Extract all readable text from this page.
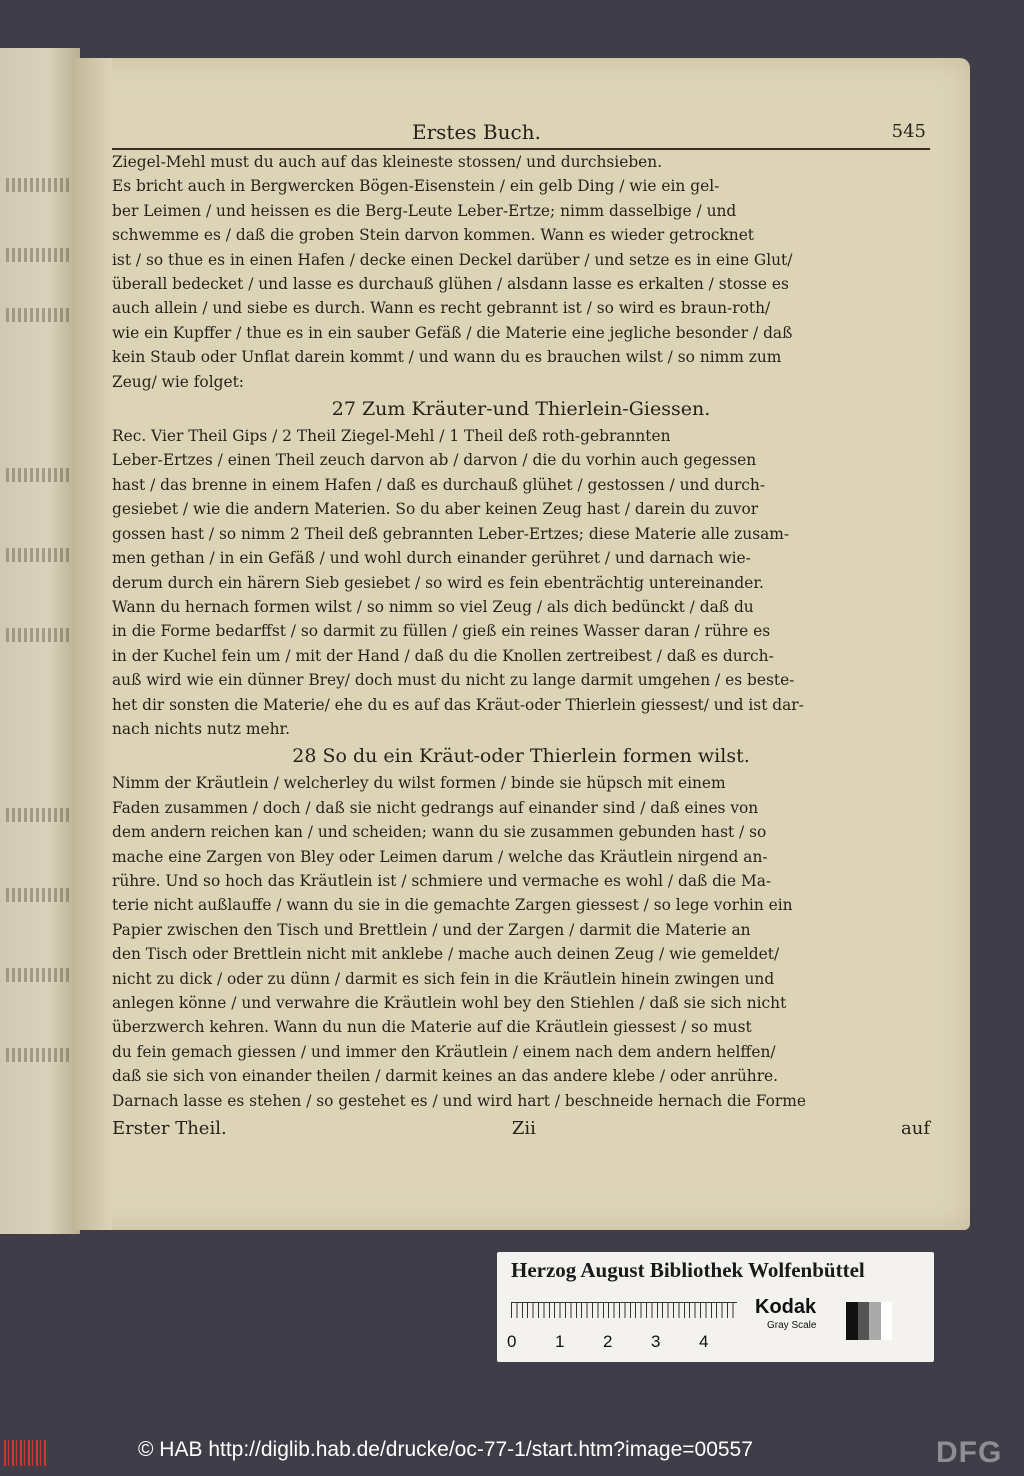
Erstes Buch.	545
Ziegel-Mehl must du auch auf das kleineste stossen/ und durchsieben.
Es bricht auch in Bergwercken Bögen-Eisenstein / ein gelb Ding / wie ein gel-
ber Leimen / und heissen es die Berg-Leute Leber-Ertze; nimm dasselbige / und
schwemme es / daß die groben Stein darvon kommen. Wann es wieder getrocknet
ist / so thue es in einen Hafen / decke einen Deckel darüber / und setze es in eine Glut/
überall bedecket / und lasse es durchauß glühen / alsdann lasse es erkalten / stosse es
auch allein / und siebe es durch. Wann es recht gebrannt ist / so wird es braun-roth/
wie ein Kupffer / thue es in ein sauber Gefäß / die Materie eine jegliche besonder / daß
kein Staub oder Unflat darein kommt / und wann du es brauchen wilst / so nimm zum
Zeug/ wie folget:
27 Zum Kräuter-und Thierlein-Giessen.
Rec. Vier Theil Gips / 2 Theil Ziegel-Mehl / 1 Theil deß roth-gebrannten
Leber-Ertzes / einen Theil zeuch darvon ab / darvon / die du vorhin auch gegessen
hast / das brenne in einem Hafen / daß es durchauß glühet / gestossen / und durch-
gesiebet / wie die andern Materien. So du aber keinen Zeug hast / darein du zuvor
gossen hast / so nimm 2 Theil deß gebrannten Leber-Ertzes; diese Materie alle zusam-
men gethan / in ein Gefäß / und wohl durch einander gerühret / und darnach wie-
derum durch ein härern Sieb gesiebet / so wird es fein ebenträchtig untereinander.
Wann du hernach formen wilst / so nimm so viel Zeug / als dich bedünckt / daß du
in die Forme bedarffst / so darmit zu füllen / gieß ein reines Wasser daran / rühre es
in der Kuchel fein um / mit der Hand / daß du die Knollen zertreibest / daß es durch-
auß wird wie ein dünner Brey/ doch must du nicht zu lange darmit umgehen / es beste-
het dir sonsten die Materie/ ehe du es auf das Kräut-oder Thierlein giessest/ und ist dar-
nach nichts nutz mehr.
28 So du ein Kräut-oder Thierlein formen wilst.
Nimm der Kräutlein / welcherley du wilst formen / binde sie hüpsch mit einem
Faden zusammen / doch / daß sie nicht gedrangs auf einander sind / daß eines von
dem andern reichen kan / und scheiden; wann du sie zusammen gebunden hast / so
mache eine Zargen von Bley oder Leimen darum / welche das Kräutlein nirgend an-
rühre. Und so hoch das Kräutlein ist / schmiere und vermache es wohl / daß die Ma-
terie nicht außlauffe / wann du sie in die gemachte Zargen giessest / so lege vorhin ein
Papier zwischen den Tisch und Brettlein / und der Zargen / darmit die Materie an
den Tisch oder Brettlein nicht mit anklebe / mache auch deinen Zeug / wie gemeldet/
nicht zu dick / oder zu dünn / darmit es sich fein in die Kräutlein hinein zwingen und
anlegen könne / und verwahre die Kräutlein wohl bey den Stiehlen / daß sie sich nicht
überzwerch kehren. Wann du nun die Materie auf die Kräutlein giessest / so must
du fein gemach giessen / und immer den Kräutlein / einem nach dem andern helffen/
daß sie sich von einander theilen / darmit keines an das andere klebe / oder anrühre.
Darnach lasse es stehen / so gestehet es / und wird hart / beschneide hernach die Forme
Erster Theil.	Zii	auf
Herzog August Bibliothek Wolfenbüttel
0	1	2	3	4
Kodak
Gray Scale
© HAB http://diglib.hab.de/drucke/oc-77-1/start.htm?image=00557	DFG
